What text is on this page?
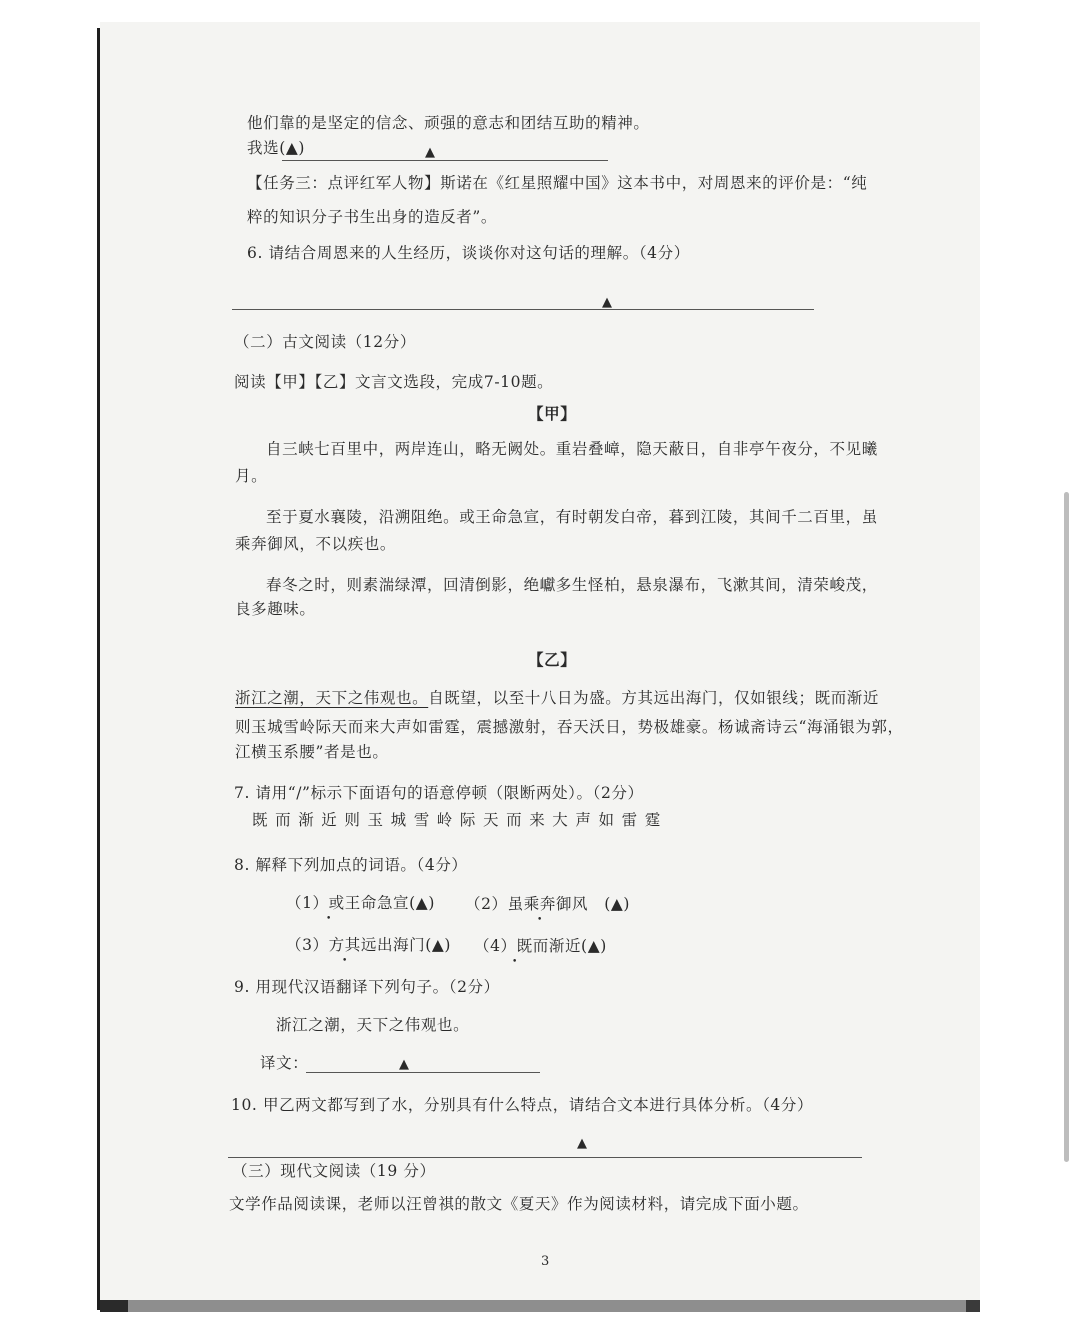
他们靠的是坚定的信念、顽强的意志和团结互助的精神。
我选(▲)	▲
【任务三：点评红军人物】斯诺在《红星照耀中国》这本书中，对周恩来的评价是：“纯
粹的知识分子书生出身的造反者”。
6. 请结合周恩来的人生经历，谈谈你对这句话的理解。（4分）
▲
（二）古文阅读（12分）
阅读【甲】【乙】文言文选段，完成7-10题。
【甲】
自三峡七百里中，两岸连山，略无阙处。重岩叠嶂，隐天蔽日，自非亭午夜分，不见曦
月。
至于夏水襄陵，沿溯阻绝。或王命急宣，有时朝发白帝，暮到江陵，其间千二百里，虽
乘奔御风，不以疾也。
春冬之时，则素湍绿潭，回清倒影，绝巘多生怪柏，悬泉瀑布，飞漱其间，清荣峻茂，
良多趣味。
【乙】
浙江之潮，天下之伟观也。自既望，以至十八日为盛。方其远出海门，仅如银线；既而渐近
则玉城雪岭际天而来大声如雷霆，震撼激射，吞天沃日，势极雄豪。杨诚斋诗云“海涌银为郭，
江横玉系腰”者是也。
7. 请用“/”标示下面语句的语意停顿（限断两处）。（2分）
既而渐近则玉城雪岭际天而来大声如雷霆
8. 解释下列加点的词语。（4分）
（1）或王命急宣(▲) （2）虽乘奔御风　(▲)
（3）方其远出海门(▲) （4）既而渐近(▲)
•	•
•	•
9. 用现代汉语翻译下列句子。（2分）
浙江之潮，天下之伟观也。
译文：	▲
10. 甲乙两文都写到了水，分别具有什么特点，请结合文本进行具体分析。（4分）
▲
（三）现代文阅读（19 分）
文学作品阅读课，老师以汪曾祺的散文《夏天》作为阅读材料，请完成下面小题。
3
